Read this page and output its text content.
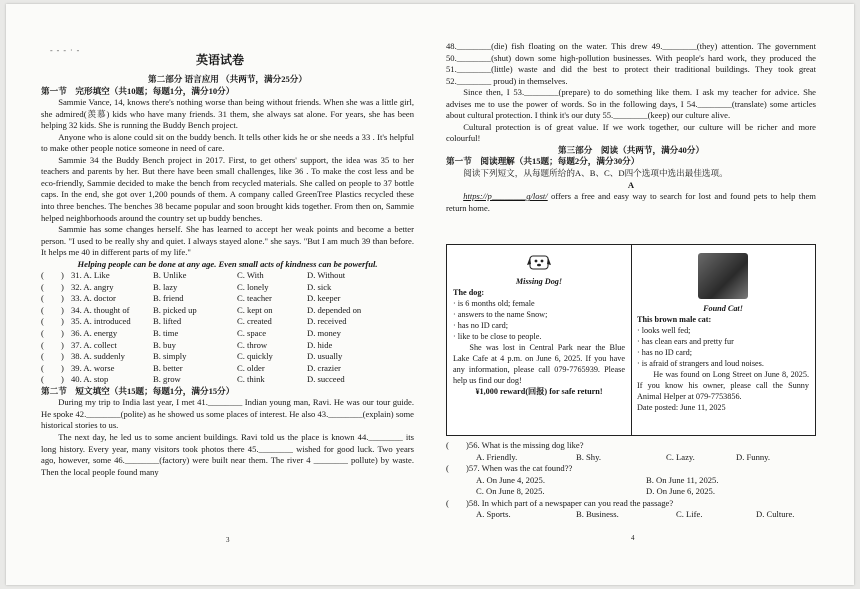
- - - · -
英语试卷
第二部分 语言应用 （共两节，满分25分）
第一节　完形填空（共10题；每题1分，满分10分）

Sammie Vance, 14, knows there's nothing worse than being without friends. When she was a little girl, she admired(羡慕) kids who have many friends. 31 them, she always sat alone. For years, she has been helping 32 kids. She is running the Buddy Bench project.

Anyone who is alone could sit on the buddy bench. It tells other kids he or she needs a 33 . It's helpful to make other people notice someone in need of care.

Sammie 34 the Buddy Bench project in 2017. First, to get others' support, the idea was 35 to her teachers and parents by her. But there have been small challenges, like 36 . To make the cost less and be eco-friendly, Sammie decided to make the bench from recycled materials. She called on people to 37 bottle caps. In the end, she got over 1,200 pounds of them. A company called GreenTree Plastics recycled these into three benches. The benches 38 became popular and soon brought kids together. From then on, Sammie helped neighborhoods around the country set up buddy benches.

Sammie has some changes herself. She has learned to accept her weak points and become a better person. "I used to be really shy and quiet. I always stayed alone." she says. "But I am much 39 than before. It helps me 40 in different parts of my life."

Helping people can be done at any age. Even small acts of kindness can be powerful.

(　　) 31. A. Like	B. Unlike	C. With	D. Without
(　　) 32. A. angry	B. lazy	C. lonely	D. sick
(　　) 33. A. doctor	B. friend	C. teacher	D. keeper
(　　) 34. A. thought of	B. picked up	C. kept on	D. depended on
(　　) 35. A. introduced	B. lifted	C. created	D. received
(　　) 36. A. energy	B. time	C. space	D. money
(　　) 37. A. collect	B. buy	C. throw	D. hide
(　　) 38. A. suddenly	B. simply	C. quickly	D. usually
(　　) 39. A. worse	B. better	C. older	D. crazier
(　　) 40. A. stop	B. grow	C. think	D. succeed
第二节　短文填空（共15题；每题1分，满分15分）

During my trip to India last year, I met 41.________ Indian young man, Ravi. He was our tour guide. He spoke 42.________(polite) as he showed us some places of interest. He also 43.________(explain) some historical stories to us.

The next day, he led us to some ancient buildings. Ravi told us the place is known 44.________ its long history. Every year, many visitors took photos there 45.________ wished for good luck. Two years ago, however, some 46.________(factory) were built near them. The river 4 ________ pollute) by waste. Then the local people found many

3

48.________(die) fish floating on the water. This drew 49.________(they) attention. The government 50.________(shut) down some high-pollution businesses. With people's hard work, they produced the 51.________(little) waste and did the best to protect their traditional buildings. They took great 52.________ proud) in themselves.

Since then, I 53.________(prepare) to do something like them. I ask my teacher for advice. She advises me to use the power of words. So in the following days, I 54.________(translate) some articles about cultural protection. I think it's our duty 55.________(keep) our culture alive.

Cultural protection is of great value. If we work together, our culture will be richer and more colourful!

第三部分　阅读（共两节，满分40分）
第一节　阅读理解（共15题；每题2分，满分30分）
阅读下列短文，从每题所给的A、B、C、D四个选项中选出最佳选项。
A

https://p________g/lost/ offers a free and easy way to search for lost and found pets to help them return home.

Missing Dog!
The dog:
· is 6 months old; female
· answers to the name Snow;
· has no ID card;
· like to be close to people.

She was lost in Central Park near the Blue Lake Cafe at 4 p.m. on June 6, 2025. If you have any information, please call 079-7765939. Please help us find our dog!

¥1,000 reward(回报) for safe return!
Found Cat!
This brown male cat:
· looks well fed;
· has clean ears and pretty fur
· has no ID card;
· is afraid of strangers and loud noises.

He was found on Long Street on June 8, 2025. If you know his owner, please call the Sunny Animal Helper at 079-7753856.

Date posted: June 11, 2025
(　　)56. What is the missing dog like?
A. Friendly.	B. Shy.	C. Lazy.	D. Funny.
(　　)57. When was the cat found??
A. On June 4, 2025.	B. On June 11, 2025.
C. On June 8, 2025.	D. On June 6, 2025.
(　　)58. In which part of a newspaper can you read the passage?
A. Sports.	B. Business.	C. Life.	D. Culture.
4
